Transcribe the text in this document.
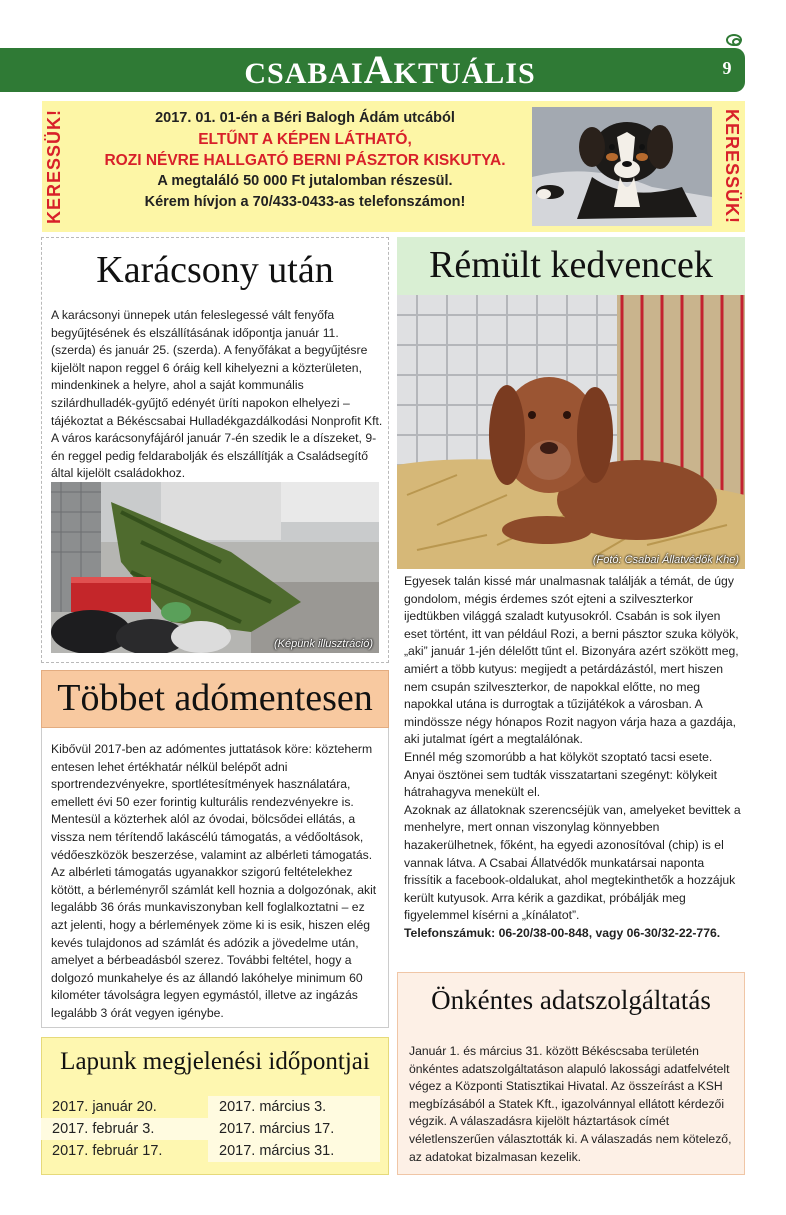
CSABAIAKTUÁLIS	9
KERESSÜK!	KERESSÜK!
2017. 01. 01-én a Béri Balogh Ádám utcából
ELTŰNT A KÉPEN LÁTHATÓ,
ROZI NÉVRE HALLGATÓ BERNI PÁSZTOR KISKUTYA.
A megtaláló 50 000 Ft jutalomban részesül.
Kérem hívjon a 70/433-0433-as telefonszámon!
Karácsony után
A karácsonyi ünnepek után feleslegessé vált fenyőfa begyűjtésének és elszállításának időpontja január 11. (szerda) és január 25. (szerda). A fenyőfákat a begyűjtésre kijelölt napon reggel 6 óráig kell kihelyezni a közterületen, mindenkinek a helyre, ahol a saját kommunális szilárdhulladék-gyűjtő edényét üríti napokon elhelyezi – tájékoztat a Békéscsabai Hulladékgazdálkodási Nonprofit Kft. A város karácsonyfájáról január 7-én szedik le a díszeket, 9-én reggel pedig feldarabolják és elszállítják a Családsegítő által kijelölt családokhoz.
(Képünk illusztráció)
Többet adómentesen
Kibővül 2017-ben az adómentes juttatások köre: közteherm​entesen lehet értékhatár nélkül belépőt adni sportrendezvényekre, sportlétesítmények használatára, emellett évi 50 ezer forintig kulturális rendezvényekre is. Mentesül a közterhek alól az óvodai, bölcsődei ellátás, a vissza nem térítendő lakáscélú támogatás, a védőoltások, védőeszközök beszerzése, valamint az albérleti támogatás. Az albérleti támogatás ugyanakkor szigorú feltételekhez kötött, a bérleményről számlát kell hoznia a dolgozónak, akit legalább 36 órás munkaviszonyban kell foglalkoztatni – ez azt jelenti, hogy a bérlemények zöme ki is esik, hiszen elég kevés tulajdonos ad számlát és adózik a jövedelme után, amelyet a bérbeadásból szerez. További feltétel, hogy a dolgozó munkahelye és az állandó lakóhelye minimum 60 kilométer távolságra legyen egymástól, illetve az ingázás legalább 3 órát vegyen igénybe.
Lapunk megjelenési időpontjai
2017. január 20.
2017. február 3.
2017. február 17.
2017. március 3.
2017. március 17.
2017. március 31.
Rémült kedvencek
(Fotó: Csabai Állatvédők Khe)
Egyesek talán kissé már unalmasnak találják a témát, de úgy gondolom, mégis érdemes szót ejteni a szilveszterkor ijedtükben világgá szaladt kutyusokról. Csabán is sok ilyen eset történt, itt van például Rozi, a berni pásztor szuka kölyök, „aki” január 1-jén délelőtt tűnt el. Bizonyára azért szökött meg, amiért a több kutyus: megijedt a petárdázástól, mert hiszen nem csupán szilveszterkor, de napokkal előtte, no meg napokkal utána is durrogtak a tűzijátékok a városban. A mindössze négy hónapos Rozit nagyon várja haza a gazdája, aki jutalmat ígért a megtalálónak.
Ennél még szomorúbb a hat kölyköt szoptató tacsi esete. Anyai ösztönei sem tudták visszatartani szegényt: kölykeit hátrahagyva menekült el.
Azoknak az állatoknak szerencséjük van, amelyeket bevittek a menhelyre, mert onnan viszonylag könnyebben hazakerülhetnek, főként, ha egyedi azonosítóval (chip) is el vannak látva. A Csabai Állatvédők munkatársai naponta frissítik a facebook-oldalukat, ahol megtekinthetők a hozzájuk került kutyusok. Arra kérik a gazdikat, próbálják meg figyelemmel kísérni a „kínálatot”.
Telefonszámuk: 06-20/38-00-848, vagy 06-30/32-22-776.
Önkéntes adatszolgáltatás
Január 1. és március 31. között Békéscsaba területén önkéntes adatszolgáltatáson alapuló lakossági adatfelvételt végez a Központi Statisztikai Hivatal. Az összeírást a KSH megbízásából a Statek Kft., igazolvánnyal ellátott kérdezői végzik. A válaszadásra kijelölt háztartások címét véletlenszerűen választották ki. A válaszadás nem kötelező, az adatokat bizalmasan kezelik.
